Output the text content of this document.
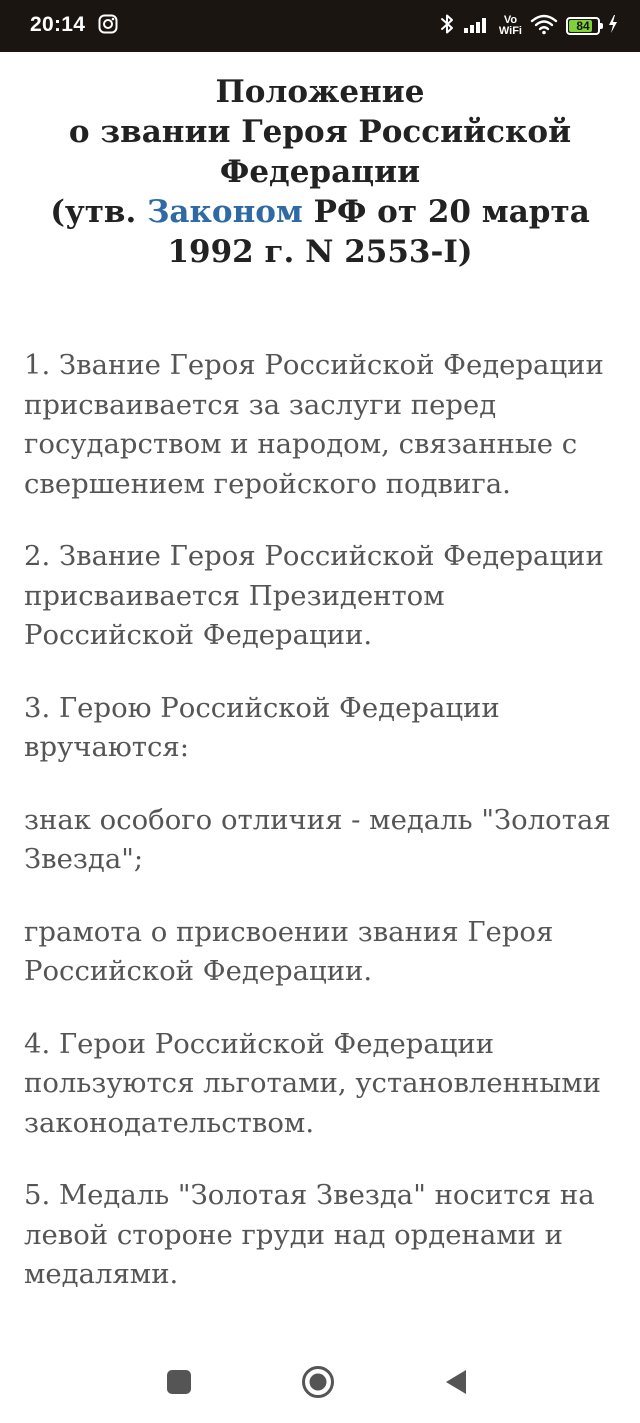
20:14	Vo
WiFi	84
Положение
о звании Героя Российской Федерации
(утв. Законом РФ от 20 марта 1992 г. N 2553-I)

1. Звание Героя Российской Федерации присваивается за заслуги перед государством и народом, связанные с свершением геройского подвига.

2. Звание Героя Российской Федерации присваивается Президентом Российской Федерации.

3. Герою Российской Федерации вручаются:

знак особого отличия - медаль "Золотая Звезда";

грамота о присвоении звания Героя Российской Федерации.

4. Герои Российской Федерации пользуются льготами, установленными законодательством.

5. Медаль "Золотая Звезда" носится на левой стороне груди над орденами и медалями.
